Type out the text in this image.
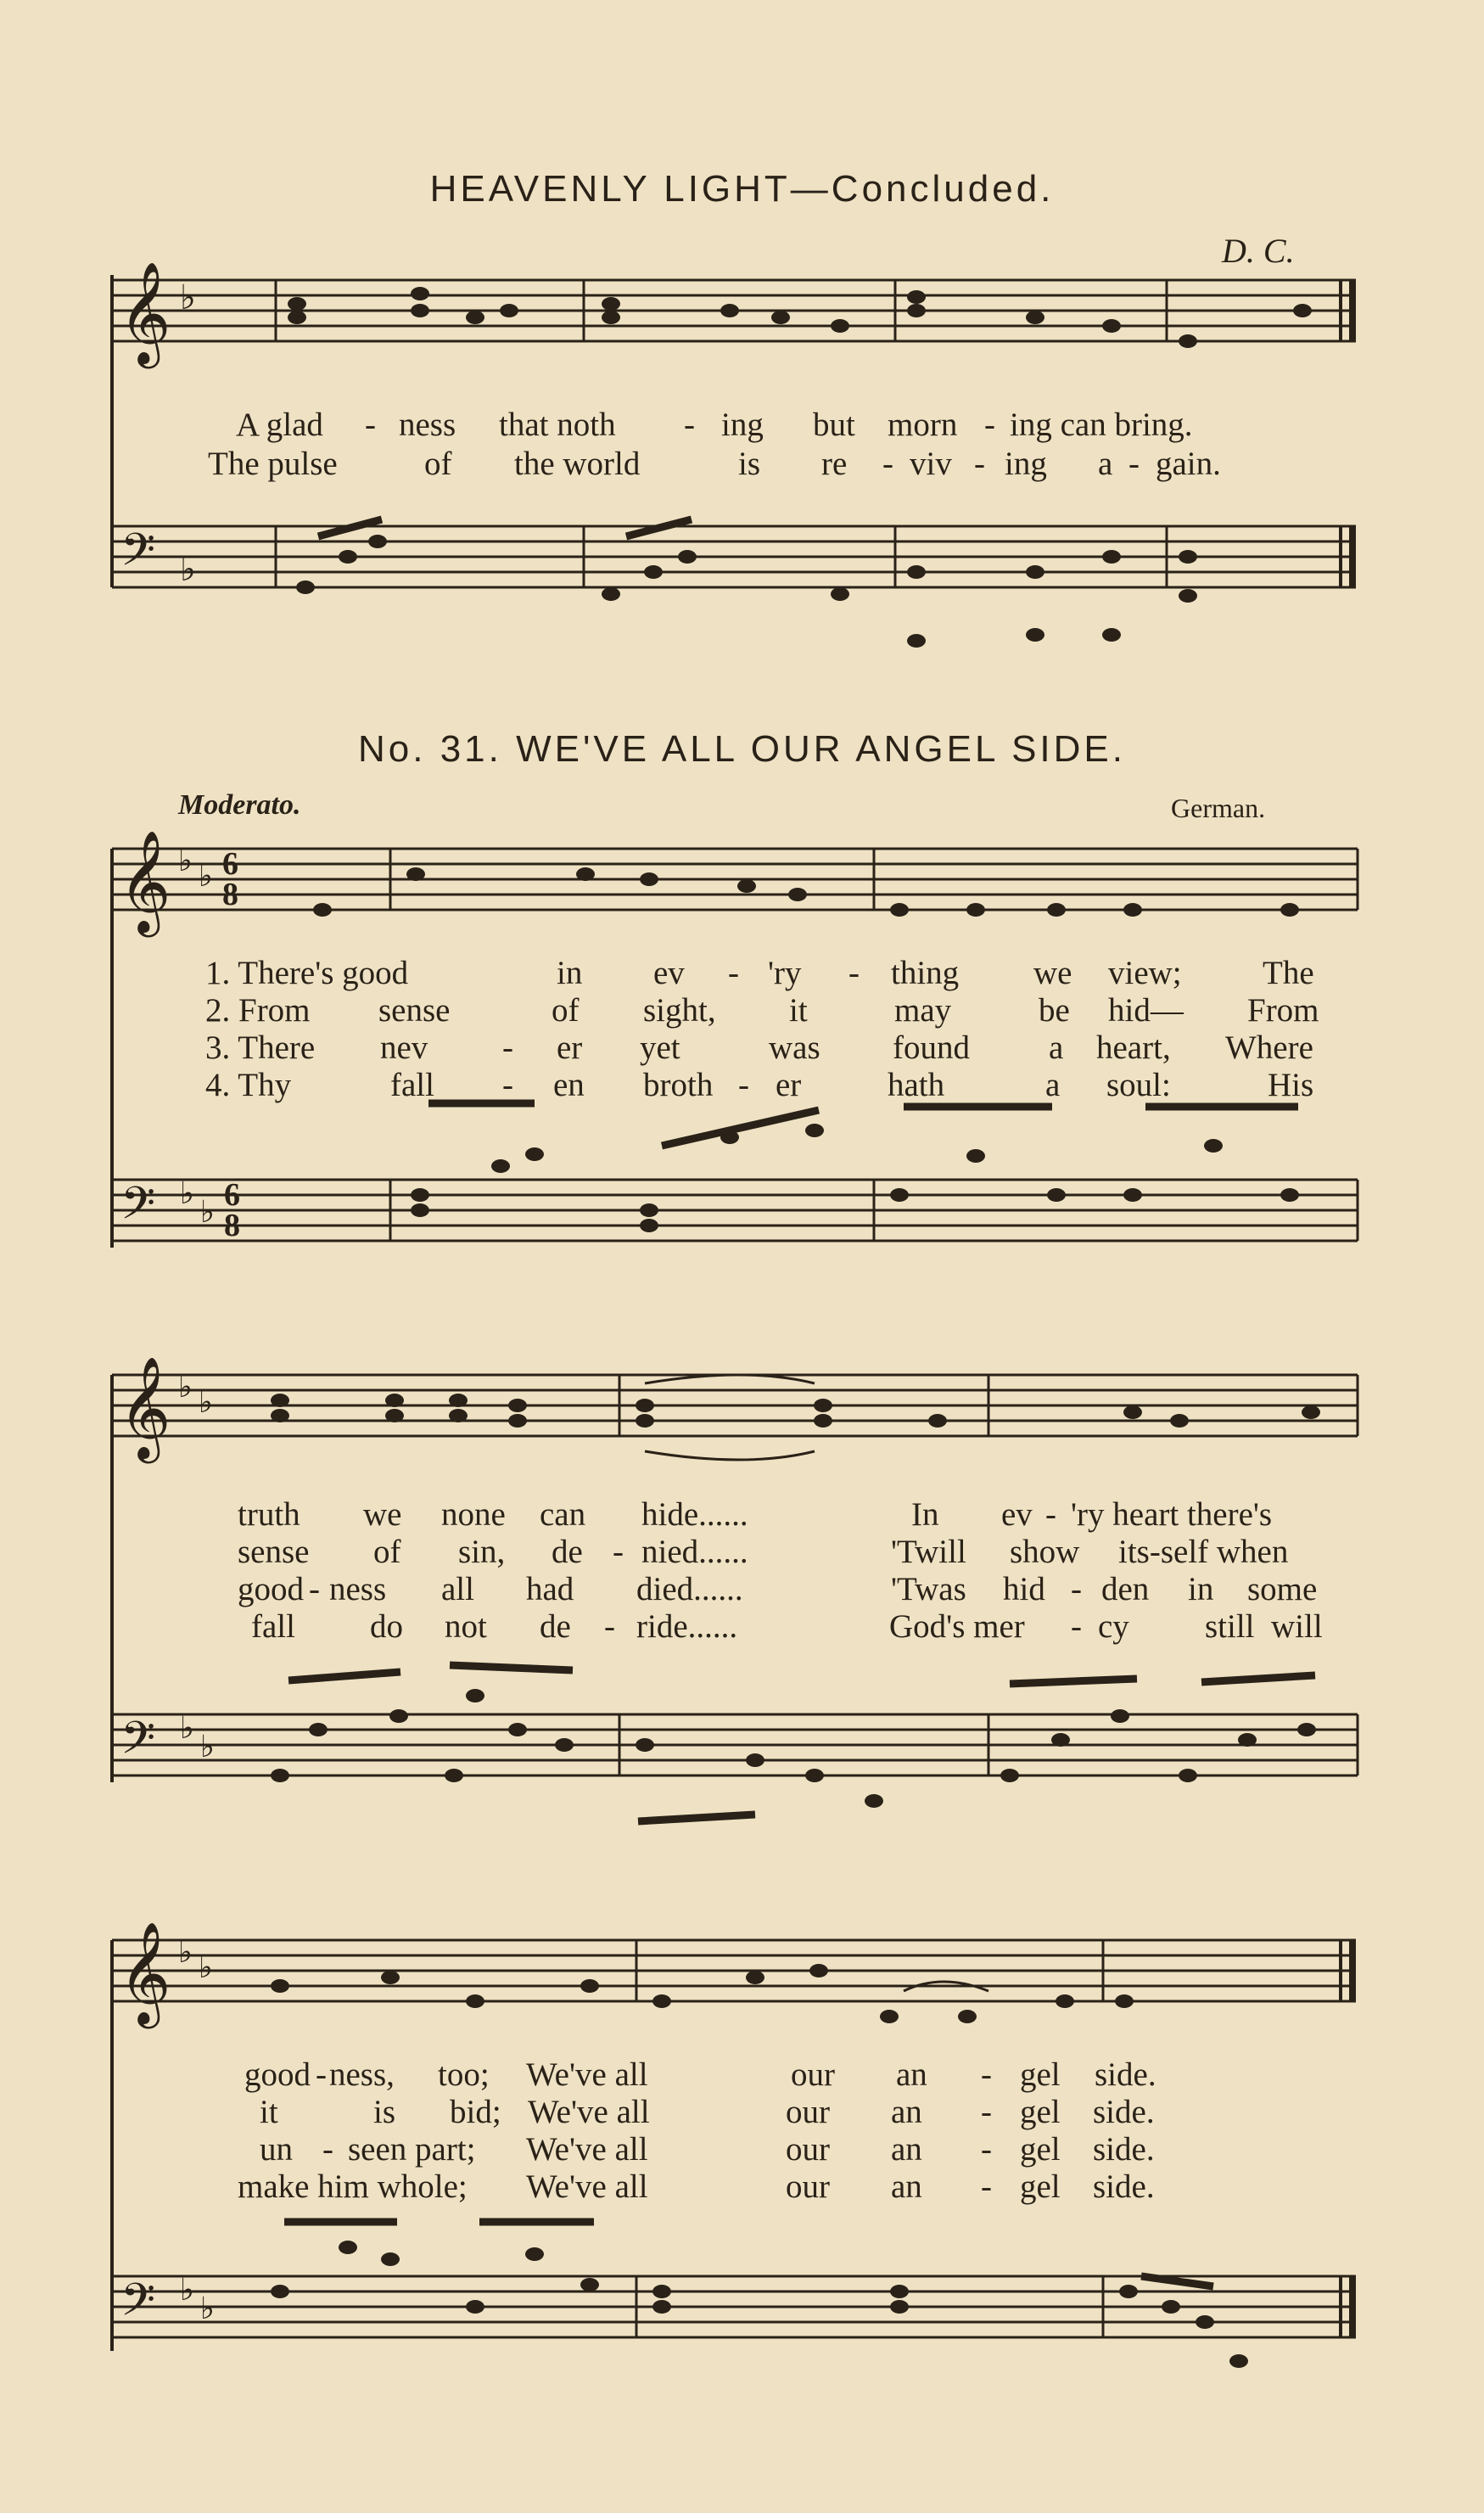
HEAVENLY LIGHT—Concluded.
D. C.
𝄞 ♭
A glad - ness that noth - ing but morn - ing can bring.
The pulse	of the world	is re - viv - ing a - gain.
𝄢 ♭
No. 31. WE'VE ALL OUR ANGEL SIDE.
Moderato.	German.
𝄞 ♭ ♭ 6
8
1. There's good	in ev - 'ry - thing we view; The
2. From sense	of sight, it	may	be hid— From
3. There nev - er yet	was found a heart, Where
4. Thy	fall - en broth - er	hath	a soul:	His
𝄢 ♭
♭ 6
8
𝄞 ♭ ♭
truth we none can hide......	In ev - 'ry heart there's
sense of sin, de - nied......	'Twill show its-self when
good - ness all had died......	'Twas hid - den in some
fall do not de - ride......	God's mer - cy still will
𝄢 ♭
♭
𝄞 ♭ ♭
good - ness, too; We've all	our an - gel side.
it	is bid; We've all	our an - gel side.
un - seen part; We've all	our an - gel side.
make him whole; We've all	our an - gel side.
𝄢 ♭
♭
